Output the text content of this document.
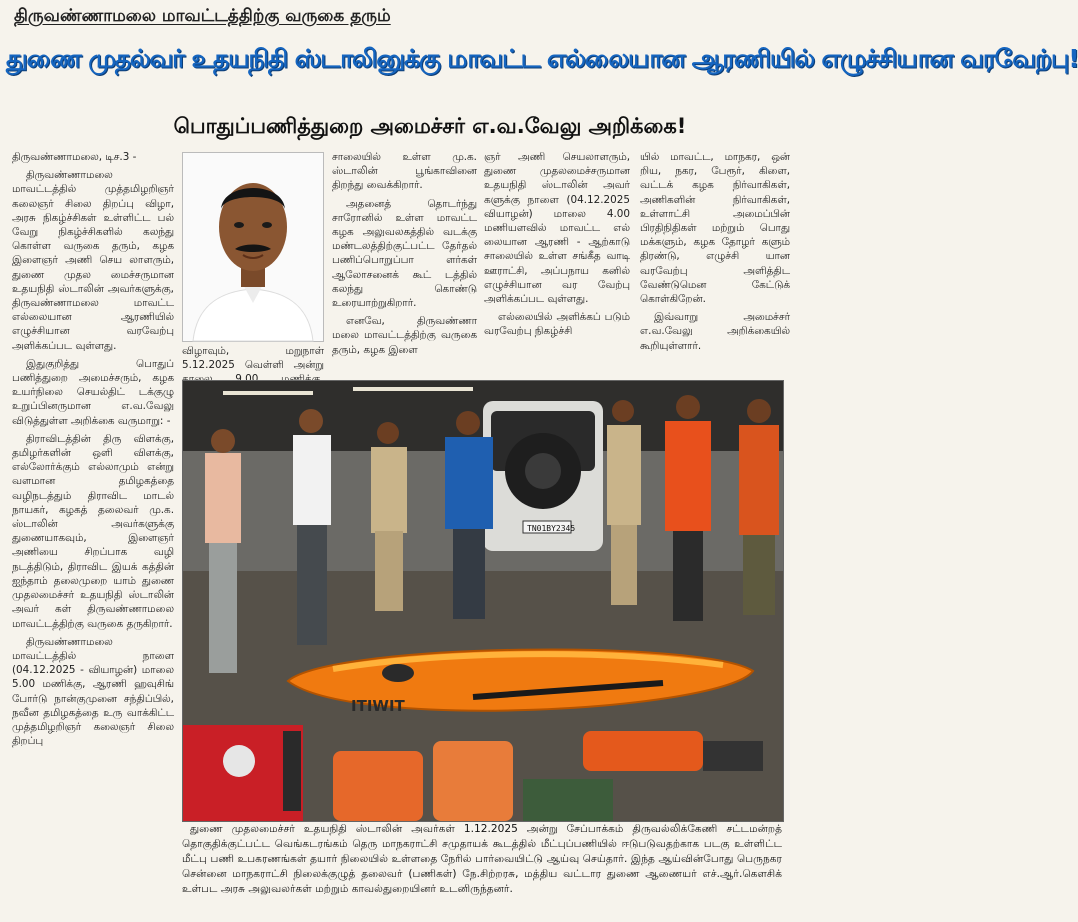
திருவண்ணாமலை மாவட்டத்திற்கு வருகை தரும்
துணை முதல்வர் உதயநிதி ஸ்டாலினுக்கு மாவட்ட எல்லையான ஆரணியில் எழுச்சியான வரவேற்பு!
பொதுப்பணித்துறை அமைச்சர் எ.வ.வேலு அறிக்கை!

திருவண்ணாமலை, டிச.3 -

திருவண்ணாமலை மாவட்டத்தில் முத்தமிழறிஞர் கலைஞர் சிலை திறப்பு விழா, அரசு நிகழ்ச்சிகள் உள்ளிட்ட பல் வேறு நிகழ்ச்சிகளில் கலந்து கொள்ள வருகை தரும், கழக இளைஞர் அணி செய லாளரும், துணை முதல மைச்சருமான உதயநிதி ஸ்டாலின் அவர்களுக்கு, திருவண்ணாமலை மாவட்ட எல்லையான ஆரணியில் எழுச்சியான வரவேற்பு அளிக்கப்பட வுள்ளது.

இதுகுறித்து பொதுப் பணித்துறை அமைச்சரும், கழக உயர்நிலை செயல்திட் டக்குழு உறுப்பினருமான எ.வ.வேலு விடுத்துள்ள அறிக்கை வருமாறு: -

திராவிடத்தின் திரு விளக்கு, தமிழர்களின் ஒளி விளக்கு, எல்லோர்க்கும் எல்லாமும் என்று வளமான தமிழகத்தை வழிநடத்தும் திராவிட மாடல் நாயகர், கழகத் தலைவர் மு.க. ஸ்டாலின் அவர்களுக்கு துணையாகவும், இளைஞர் அணியை சிறப்பாக வழி நடத்திடும், திராவிட இயக் கத்தின் ஐந்தாம் தலைமுறை யாம் துணை முதலமைச்சர் உதயநிதி ஸ்டாலின் அவர் கள் திருவண்ணாமலை மாவட்டத்திற்கு வருகை தருகிறார்.

திருவண்ணாமலை மாவட்டத்தில் நாளை (04.12.2025 - வியாழன்) மாலை 5.00 மணிக்கு, ஆரணி ஹவுசிங் போர்டு நான்குமுனை சந்திப்பில், நவீன தமிழகத்தை உரு வாக்கிட்ட முத்தமிழறிஞர் கலைஞர் சிலை திறப்பு

விழாவும், மறுநாள் 5.12.2025 வெள்ளி அன்று

சாலையில் உள்ள மு.க. ஸ்டாலின் பூங்காவினை திறந்து வைக்கிறார்.

அதனைத் தொடர்ந்து சாரோனில் உள்ள மாவட்ட கழக அலுவலகத்தில் வடக்கு மண்டலத்திற்குட்பட்ட தேர்தல் பணிப்பொறுப்பா ளர்கள் ஆலோசனைக் கூட் டத்தில் கலந்து கொண்டு உரையாற்றுகிறார்.

எனவே, திருவண்ணா மலை மாவட்டத்திற்கு வருகை தரும், கழக இளை

ஞர் அணி செயலாளரும், துணை முதலமைச்சருமான உதயநிதி ஸ்டாலின் அவர் களுக்கு நாளை (04.12.2025 வியாழன்) மாலை 4.00 மணியளவில் மாவட்ட எல் லையான ஆரணி - ஆற்காடு சாலையில் உள்ள சங்கீத வாடி ஊராட்சி, அப்பநாய கனில் எழுச்சியான வர வேற்பு அளிக்கப்பட வுள்ளது.

எல்லையில் அளிக்கப் படும் வரவேற்பு நிகழ்ச்சி

யில் மாவட்ட, மாநகர, ஒன் றிய, நகர, பேரூர், கிளை, வட்டக் கழக நிர்வாகிகள், அணிகளின் நிர்வாகிகள், உள்ளாட்சி அமைப்பின் பிரதிநிதிகள் மற்றும் பொது மக்களும், கழக தோழர் களும் திரண்டு, எழுச்சி யான வரவேற்பு அளித்திட வேண்டுமென கேட்டுக் கொள்கிறேன்.

இவ்வாறு அமைச்சர் எ.வ.வேலு அறிக்கையில் கூறியுள்ளார்.

TN01BY2345
ITIWIT

துணை முதலமைச்சர் உதயநிதி ஸ்டாலின் அவர்கள் 1.12.2025 அன்று சேப்பாக்கம் திருவல்லிக்கேணி சட்டமன்றத் தொகுதிக்குட்பட்ட வெங்கடரங்கம் தெரு மாநகராட்சி சமுதாயக் கூடத்தில் மீட்புப்பணியில் ஈடுபடுவதற்காக படகு உள்ளிட்ட மீட்பு பணி உபகரணங்கள் தயார் நிலையில் உள்ளதை நேரில் பார்வையிட்டு ஆய்வு செய்தார். இந்த ஆய்வின்போது பெருநகர சென்னை மாநகராட்சி நிலைக்குழுத் தலைவர் (பணிகள்) நே.சிற்றரசு, மத்திய வட்டார துணை ஆணையர் எச்.ஆர்.கௌசிக் உள்பட அரசு அலுவலர்கள் மற்றும் காவல்துறையினர் உடனிருந்தனர்.
